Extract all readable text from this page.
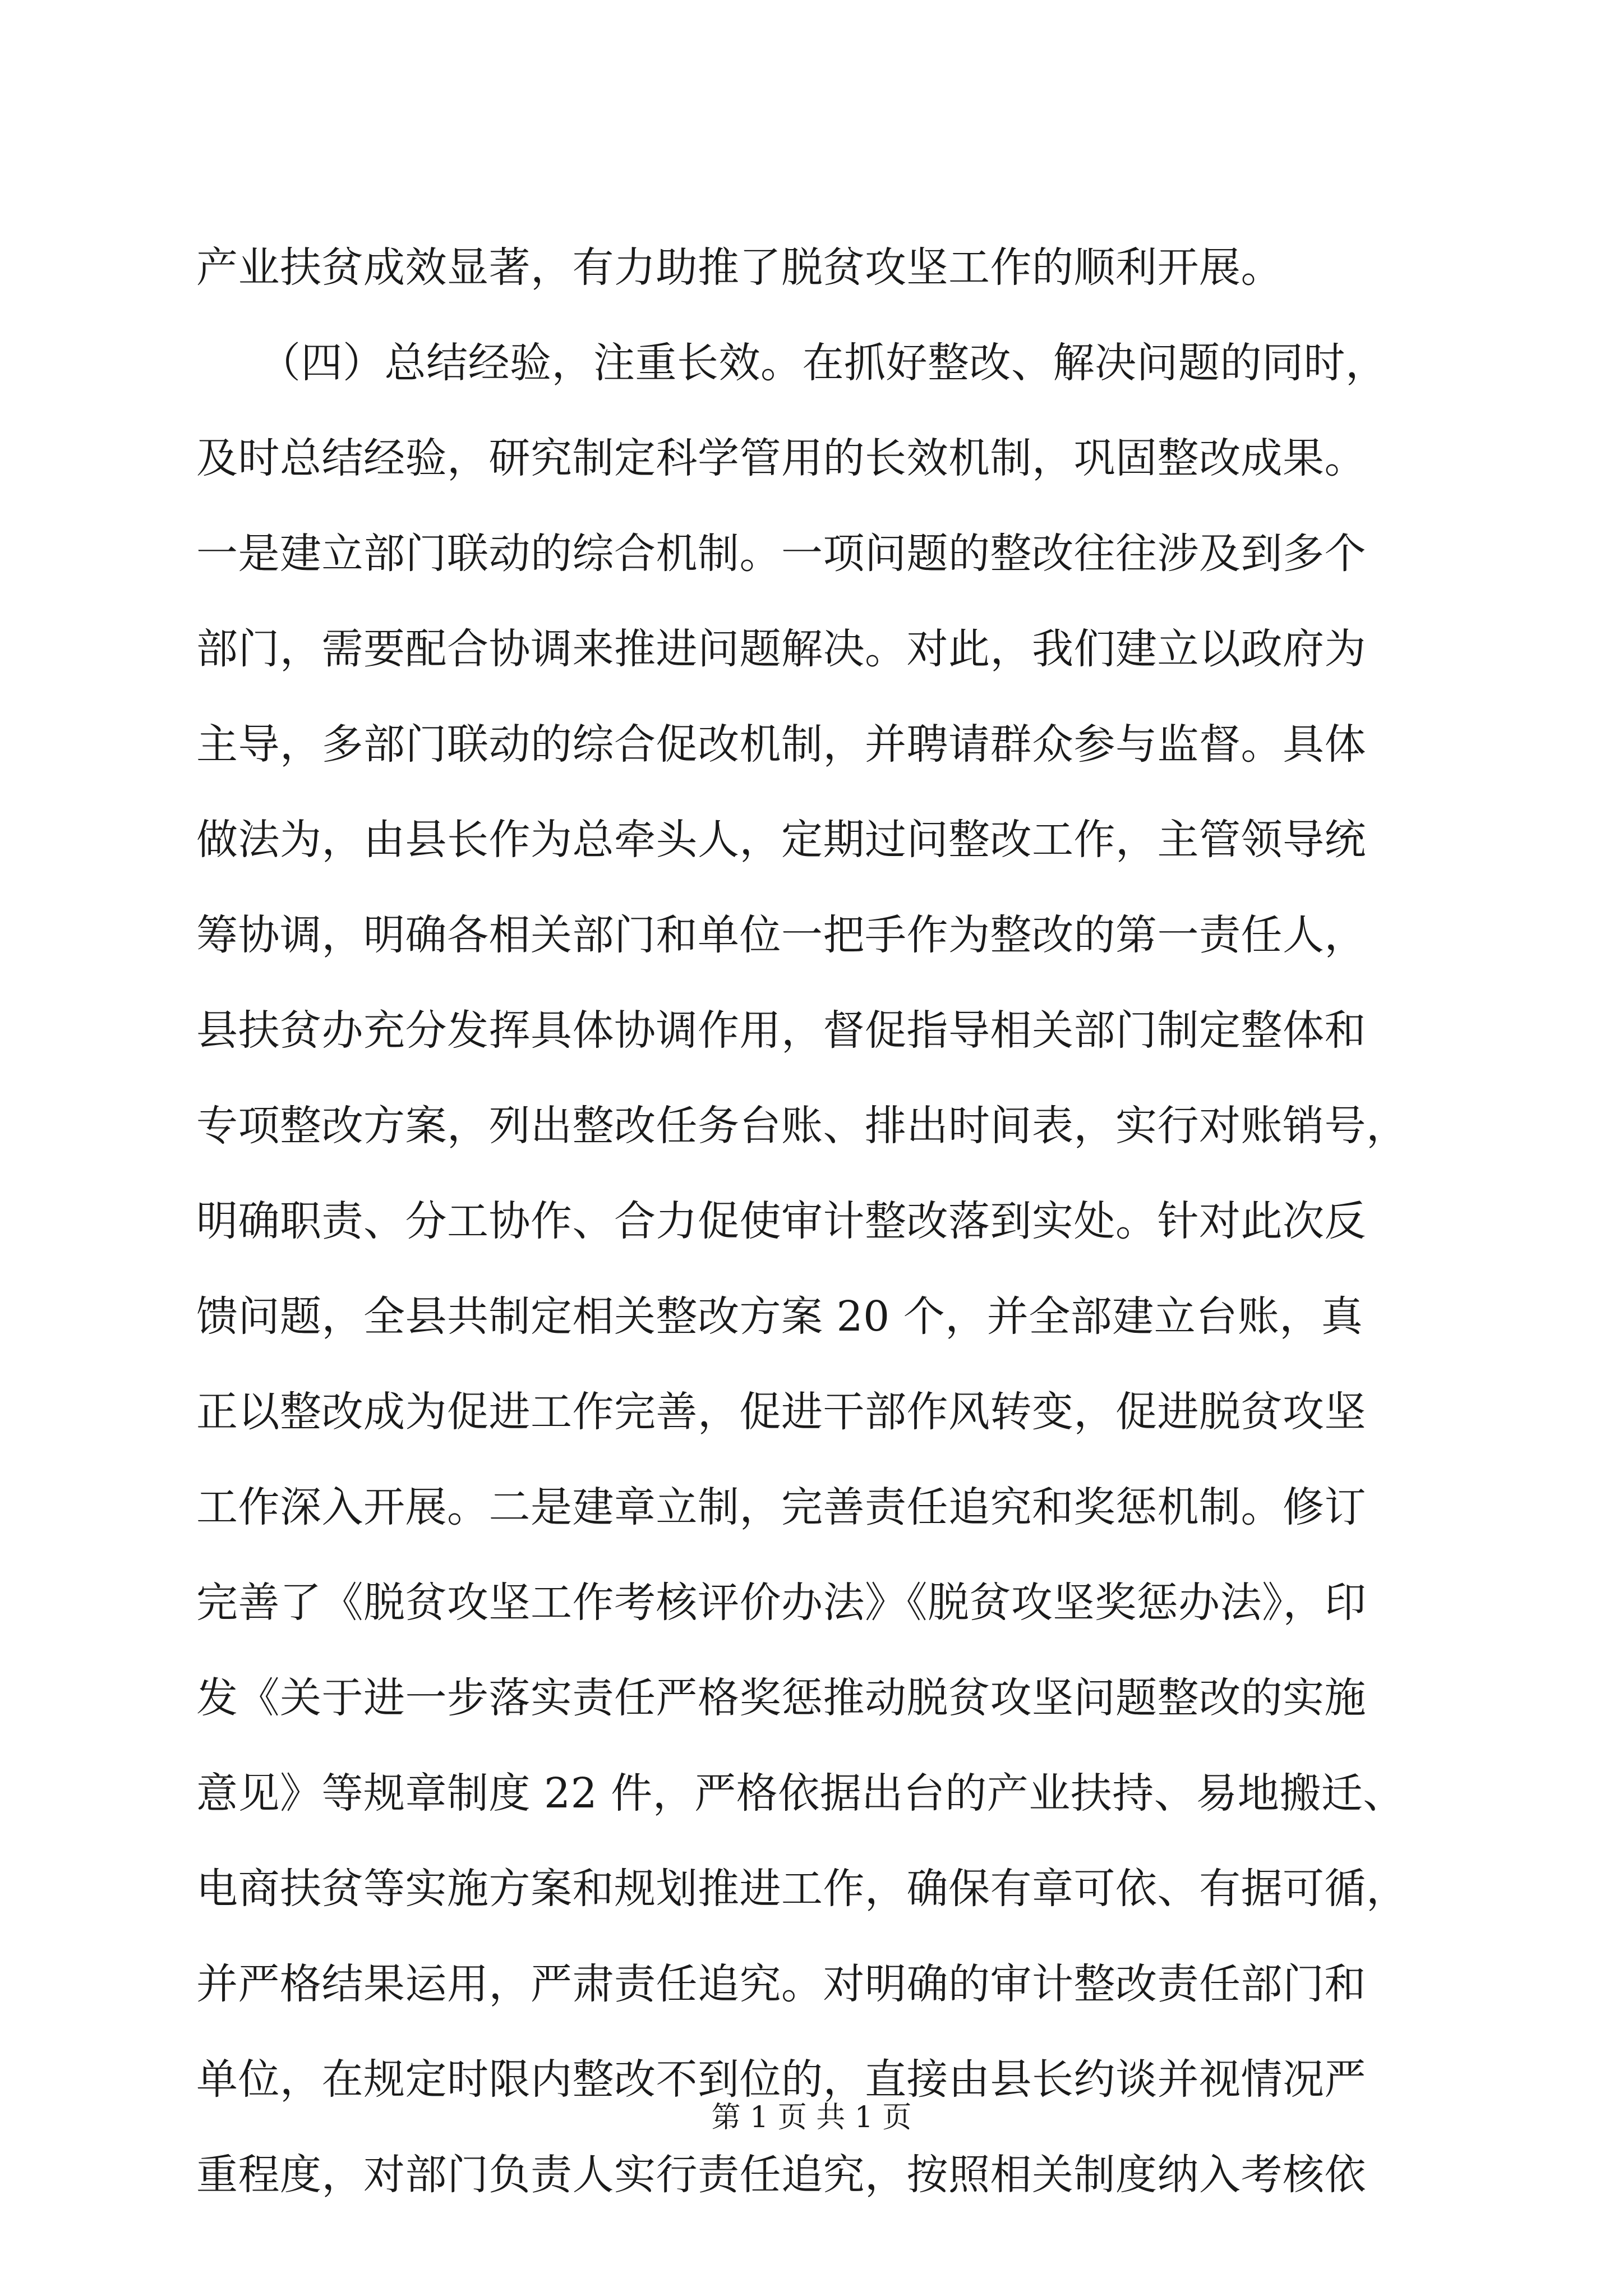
产业扶贫成效显著，有力助推了脱贫攻坚工作的顺利开展。
　　（四）总结经验，注重长效。在抓好整改、解决问题的同时，
及时总结经验，研究制定科学管用的长效机制，巩固整改成果。
一是建立部门联动的综合机制。一项问题的整改往往涉及到多个
部门，需要配合协调来推进问题解决。对此，我们建立以政府为
主导，多部门联动的综合促改机制，并聘请群众参与监督。具体
做法为，由县长作为总牵头人，定期过问整改工作，主管领导统
筹协调，明确各相关部门和单位一把手作为整改的第一责任人，
县扶贫办充分发挥具体协调作用，督促指导相关部门制定整体和
专项整改方案，列出整改任务台账、排出时间表，实行对账销号，
明确职责、分工协作、合力促使审计整改落到实处。针对此次反
馈问题，全县共制定相关整改方案 20 个，并全部建立台账，真
正以整改成为促进工作完善，促进干部作风转变，促进脱贫攻坚
工作深入开展。二是建章立制，完善责任追究和奖惩机制。修订
完善了《脱贫攻坚工作考核评价办法》《脱贫攻坚奖惩办法》，印
发《关于进一步落实责任严格奖惩推动脱贫攻坚问题整改的实施
意见》等规章制度 22 件，严格依据出台的产业扶持、易地搬迁、
电商扶贫等实施方案和规划推进工作，确保有章可依、有据可循，
并严格结果运用，严肃责任追究。对明确的审计整改责任部门和
单位，在规定时限内整改不到位的，直接由县长约谈并视情况严
重程度，对部门负责人实行责任追究，按照相关制度纳入考核依
第 1 页 共 1 页
